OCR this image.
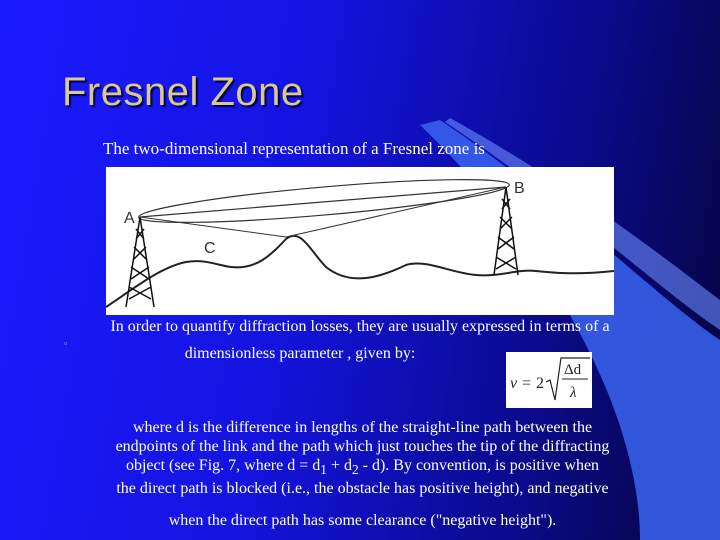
Fresnel Zone
The two-dimensional representation of a Fresnel zone is
A
B
C
▫
In order to quantify diffraction losses, they are usually expressed in terms of a
dimensionless parameter , given by:
v = 2
Δd
λ
where d is the difference in lengths of the straight-line path between the
endpoints of the link and the path which just touches the tip of the diffracting
object (see Fig. 7, where $d = d_1 + d_2 - d$). By convention, is positive when
the direct path is blocked (i.e., the obstacle has positive height), and negative
when the direct path has some clearance ("negative height").
